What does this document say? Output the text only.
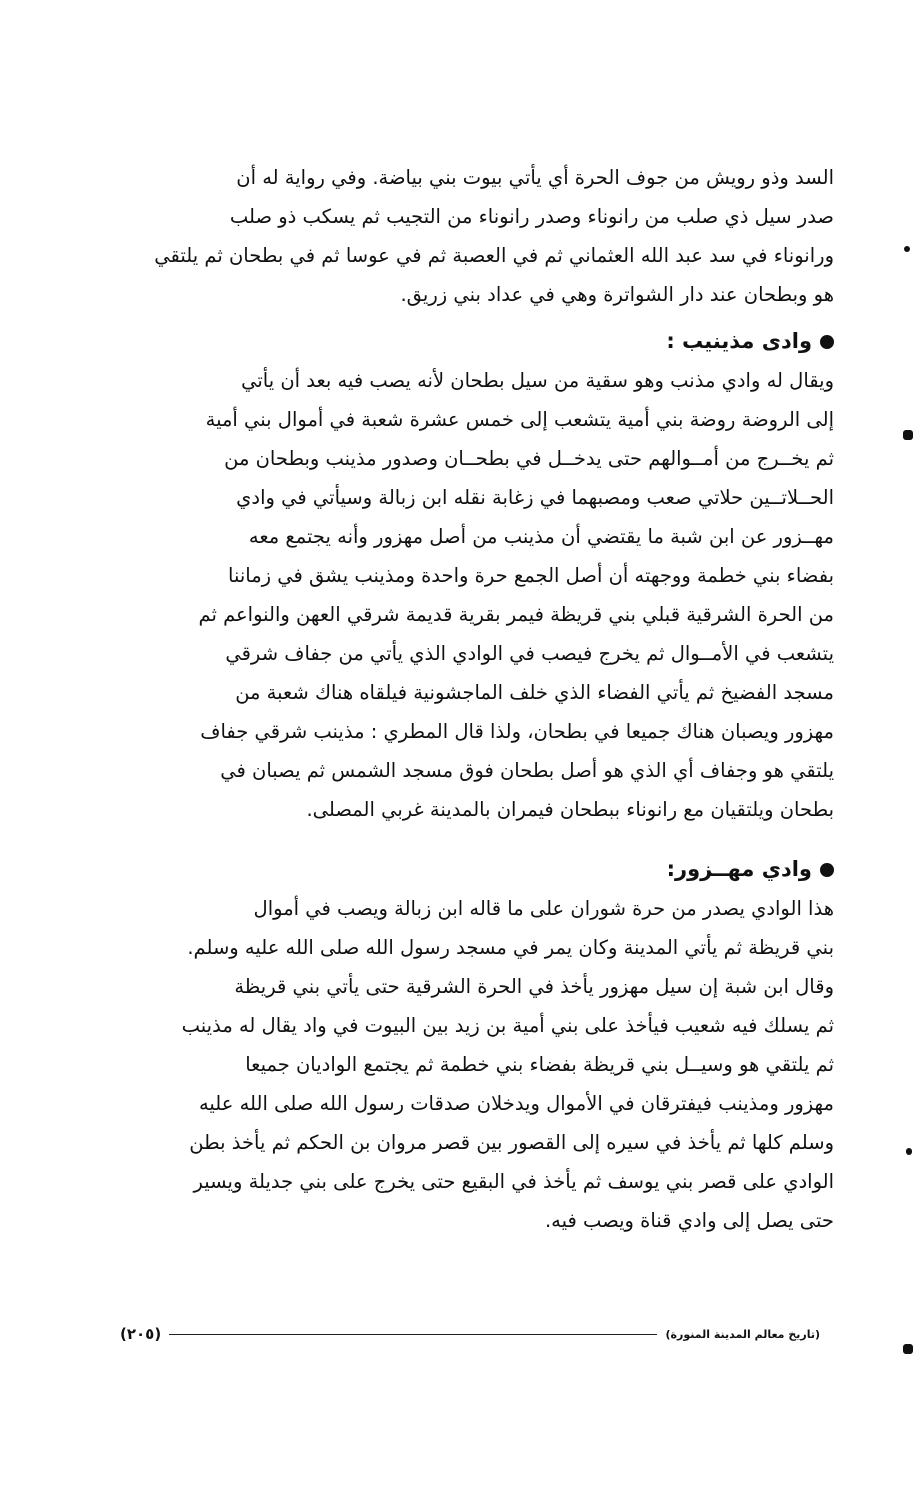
السد وذو رويش من جوف الحرة أي يأتي بيوت بني بياضة. وفي رواية له أن
صدر سيل ذي صلب من رانوناء وصدر رانوناء من التجيب ثم يسكب ذو صلب
ورانوناء في سد عبد الله العثماني ثم في العصبة ثم في عوسا ثم في بطحان ثم يلتقي
هو وبطحان عند دار الشواترة وهي في عداد بني زريق.
وادى مذينيب :
ويقال له وادي مذنب وهو سقية من سيل بطحان لأنه يصب فيه بعد أن يأتي
إلى الروضة روضة بني أمية يتشعب إلى خمس عشرة شعبة في أموال بني أمية
ثم يخــرج من أمــوالهم حتى يدخــل في بطحــان وصدور مذينب وبطحان من
الحــلاتــين حلاتي صعب ومصبهما في زغابة نقله ابن زبالة وسيأتي في وادي
مهــزور عن ابن شبة ما يقتضي أن مذينب من أصل مهزور وأنه يجتمع معه
بفضاء بني خطمة ووجهته أن أصل الجمع حرة واحدة ومذينب يشق في زماننا
من الحرة الشرقية قبلي بني قريظة فيمر بقرية قديمة شرقي العهن والنواعم ثم
يتشعب في الأمــوال ثم يخرج فيصب في الوادي الذي يأتي من جفاف شرقي
مسجد الفضيخ ثم يأتي الفضاء الذي خلف الماجشونية فيلقاه هناك شعبة من
مهزور ويصبان هناك جميعا في بطحان، ولذا قال المطري : مذينب شرقي جفاف
يلتقي هو وجفاف أي الذي هو أصل بطحان فوق مسجد الشمس ثم يصبان في
بطحان ويلتقيان مع رانوناء ببطحان فيمران بالمدينة غربي المصلى.
وادي مهــزور:
هذا الوادي يصدر من حرة شوران على ما قاله ابن زبالة ويصب في أموال
بني قريظة ثم يأتي المدينة وكان يمر في مسجد رسول الله صلى الله عليه وسلم.
وقال ابن شبة إن سيل مهزور يأخذ في الحرة الشرقية حتى يأتي بني قريظة
ثم يسلك فيه شعيب فيأخذ على بني أمية بن زيد بين البيوت في واد يقال له مذينب
ثم يلتقي هو وسيــل بني قريظة بفضاء بني خطمة ثم يجتمع الواديان جميعا
مهزور ومذينب فيفترقان في الأموال ويدخلان صدقات رسول الله صلى الله عليه
وسلم كلها ثم يأخذ في سيره إلى القصور بين قصر مروان بن الحكم ثم يأخذ بطن
الوادي على قصر بني يوسف ثم يأخذ في البقيع حتى يخرج على بني جديلة ويسير
حتى يصل إلى وادي قناة ويصب فيه.
(تاريخ معالم المدينة المنورة)
(٢٠٥)
